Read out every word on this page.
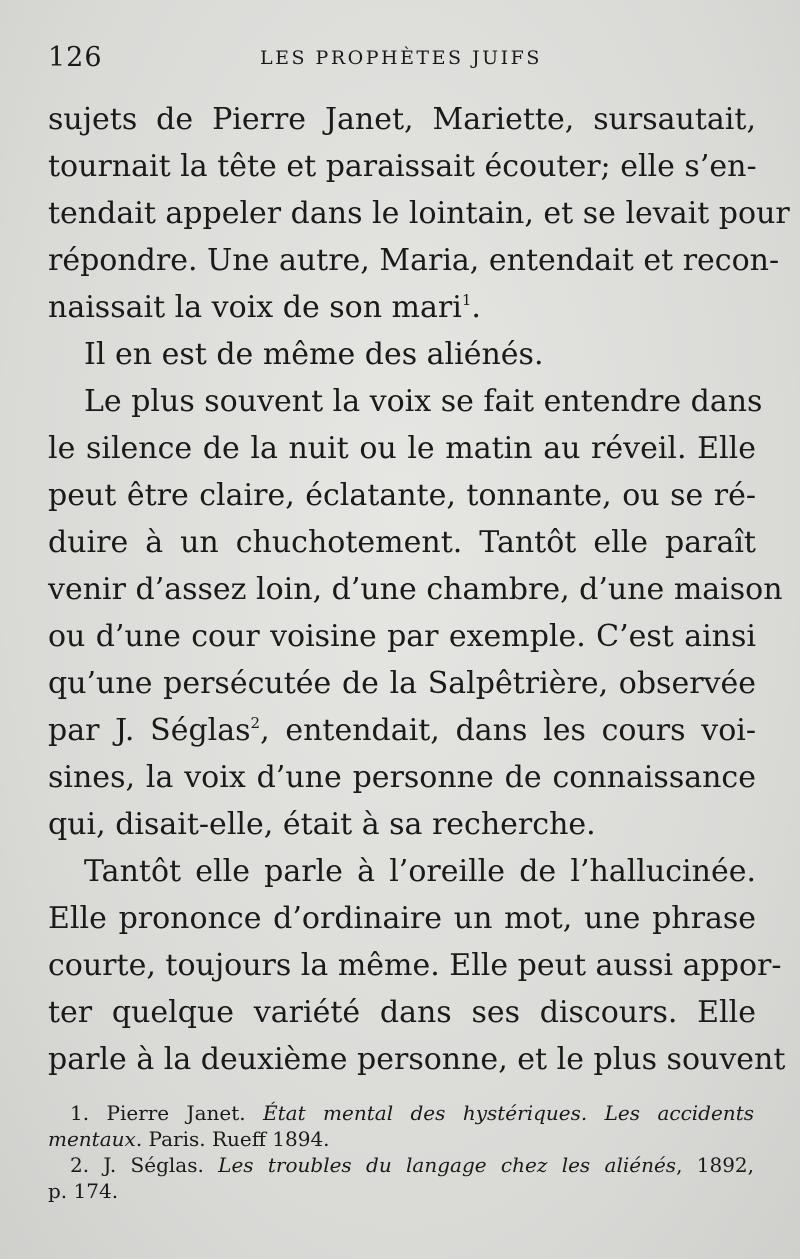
126	LES PROPHÈTES JUIFS
sujets de Pierre Janet, Mariette, sursautait,
tournait la tête et paraissait écouter; elle s’en-
tendait appeler dans le lointain, et se levait pour
répondre. Une autre, Maria, entendait et recon-
naissait la voix de son mari$^1$.
Il en est de même des aliénés.
Le plus souvent la voix se fait entendre dans
le silence de la nuit ou le matin au réveil. Elle
peut être claire, éclatante, tonnante, ou se ré-
duire à un chuchotement. Tantôt elle paraît
venir d’assez loin, d’une chambre, d’une maison
ou d’une cour voisine par exemple. C’est ainsi
qu’une persécutée de la Salpêtrière, observée
par J. Séglas$^2$, entendait, dans les cours voi-
sines, la voix d’une personne de connaissance
qui, disait-elle, était à sa recherche.
Tantôt elle parle à l’oreille de l’hallucinée.
Elle prononce d’ordinaire un mot, une phrase
courte, toujours la même. Elle peut aussi appor-
ter quelque variété dans ses discours. Elle
parle à la deuxième personne, et le plus souvent
1. Pierre Janet. État mental des hystériques. Les accidents
mentaux. Paris. Rueff 1894.
2. J. Séglas. Les troubles du langage chez les aliénés, 1892,
p. 174.
